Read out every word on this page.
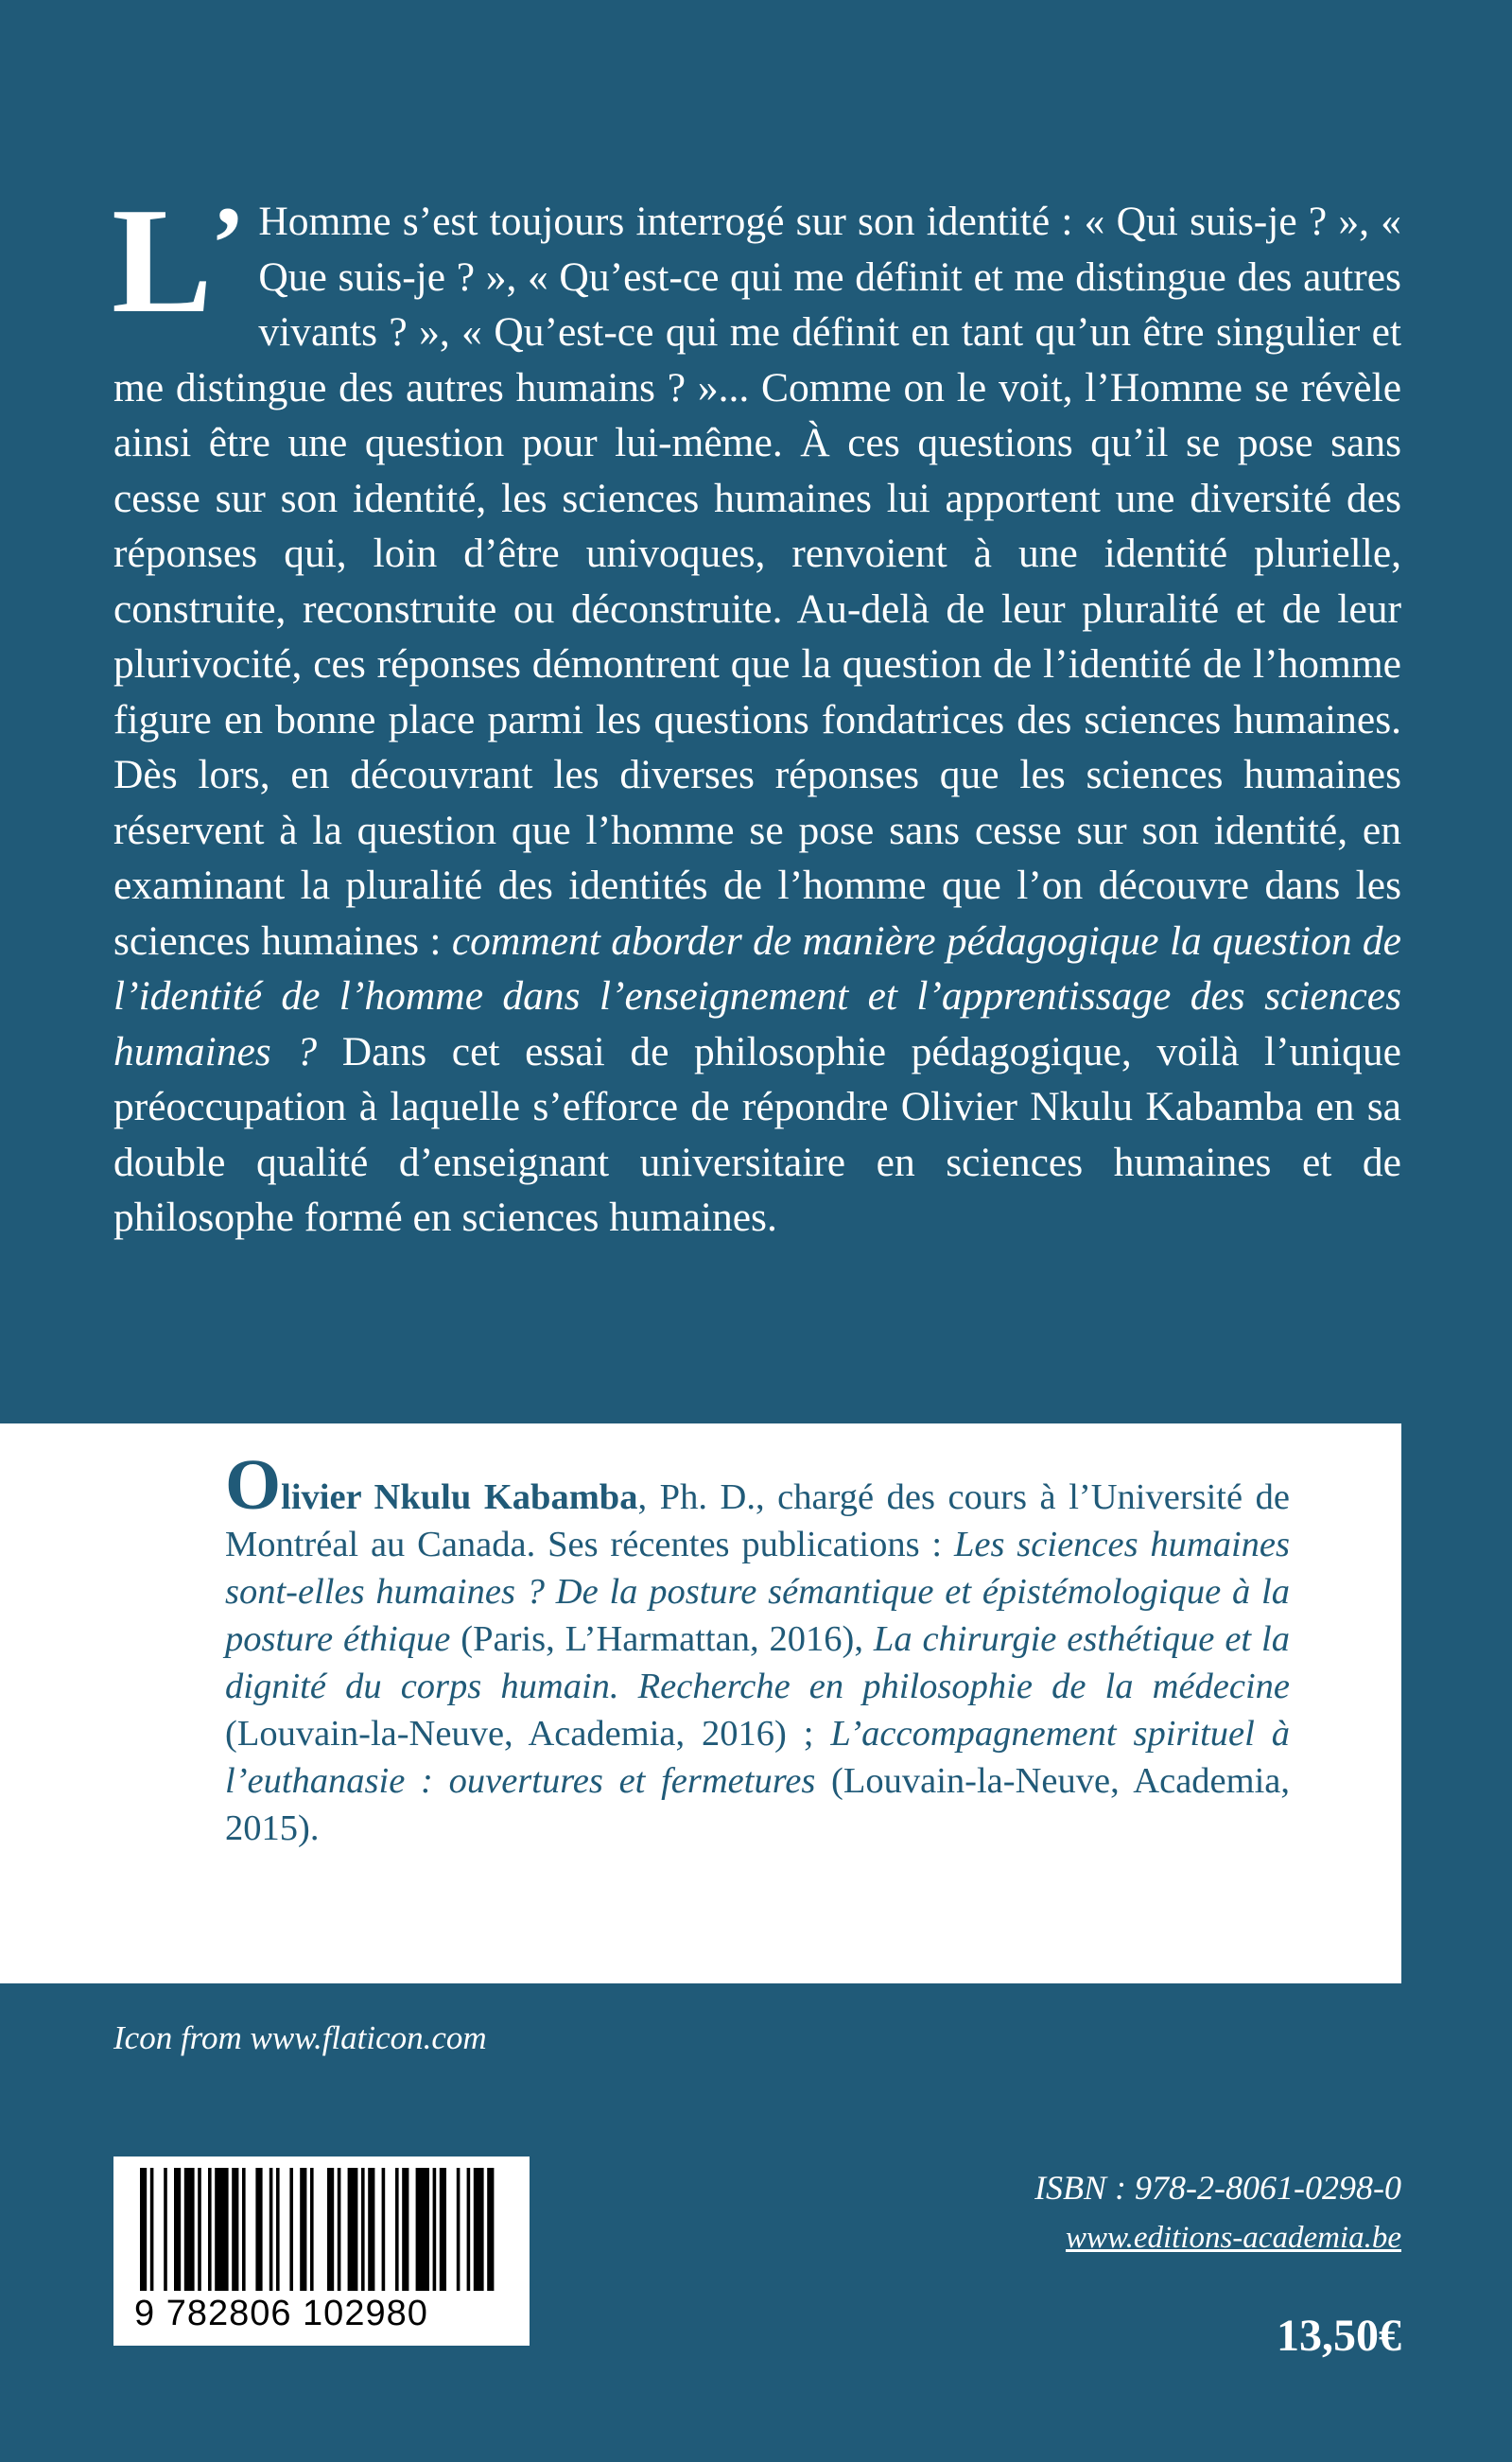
L’ Homme s’est toujours interrogé sur son identité : « Qui suis-je ? », « Que suis-je ? », « Qu’est-ce qui me définit et me distingue des autres vivants ? », « Qu’est-ce qui me définit en tant qu’un être singulier et me distingue des autres humains ? »... Comme on le voit, l’Homme se révèle ainsi être une question pour lui-même. À ces questions qu’il se pose sans cesse sur son identité, les sciences humaines lui apportent une diversité des réponses qui, loin d’être univoques, renvoient à une identité plurielle, construite, reconstruite ou déconstruite. Au-delà de leur pluralité et de leur plurivocité, ces réponses démontrent que la question de l’identité de l’homme figure en bonne place parmi les questions fondatrices des sciences humaines. Dès lors, en découvrant les diverses réponses que les sciences humaines réservent à la question que l’homme se pose sans cesse sur son identité, en examinant la pluralité des identités de l’homme que l’on découvre dans les sciences humaines : comment aborder de manière pédagogique la question de l’identité de l’homme dans l’enseignement et l’apprentissage des sciences humaines ? Dans cet essai de philosophie pédagogique, voilà l’unique préoccupation à laquelle s’efforce de répondre Olivier Nkulu Kabamba en sa double qualité d’enseignant universitaire en sciences humaines et de philosophe formé en sciences humaines.
Olivier Nkulu Kabamba, Ph. D., chargé des cours à l’Université de Montréal au Canada. Ses récentes publications : Les sciences humaines sont-elles humaines ? De la posture sémantique et épistémologique à la posture éthique (Paris, L’Harmattan, 2016), La chirurgie esthétique et la dignité du corps humain. Recherche en philosophie de la médecine (Louvain-la-Neuve, Academia, 2016) ; L’accompagnement spirituel à l’euthanasie : ouvertures et fermetures (Louvain-la-Neuve, Academia, 2015).
Icon from www.flaticon.com
9 782806 102980
ISBN : 978-2-8061-0298-0
www.editions-academia.be
13,50€
